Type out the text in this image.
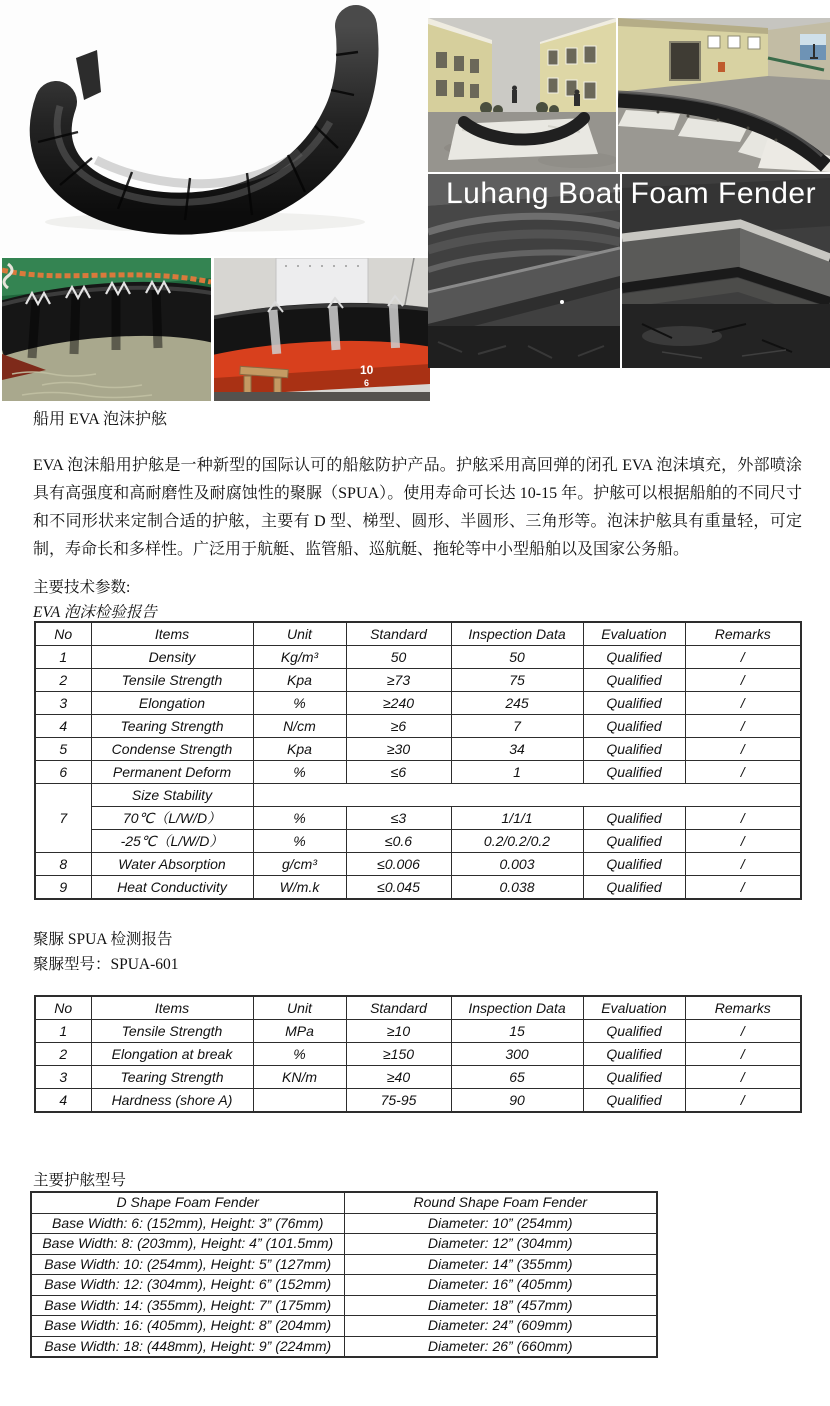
10
6
Luhang Boat Foam Fender
船用 EVA 泡沫护舷
EVA 泡沫船用护舷是一种新型的国际认可的船舷防护产品。护舷采用高回弹的闭孔 EVA 泡沫填充，外部喷涂具有高强度和高耐磨性及耐腐蚀性的聚脲（SPUA）。使用寿命可长达 10-15 年。护舷可以根据船舶的不同尺寸和不同形状来定制合适的护舷，主要有 D 型、梯型、圆形、半圆形、三角形等。泡沫护舷具有重量轻，可定制，寿命长和多样性。广泛用于航艇、监管船、巡航艇、拖轮等中小型船舶以及国家公务船。
主要技术参数:
EVA 泡沫检验报告
No	Items	Unit	Standard	Inspection Data	Evaluation	Remarks
1	Density	Kg/m³	50	50	Qualified	/
2	Tensile Strength	Kpa	≥73	75	Qualified	/
3	Elongation	%	≥240	245	Qualified	/
4	Tearing Strength	N/cm	≥6	7	Qualified	/
5	Condense Strength	Kpa	≥30	34	Qualified	/
6	Permanent Deform	%	≤6	1	Qualified	/
7	Size Stability					
	70℃（L/W/D）	%	≤3	1/1/1	Qualified	/
	-25℃（L/W/D）	%	≤0.6	0.2/0.2/0.2	Qualified	/
8	Water Absorption	g/cm³	≤0.006	0.003	Qualified	/
9	Heat Conductivity	W/m.k	≤0.045	0.038	Qualified	/
聚脲 SPUA 检测报告
聚脲型号：SPUA-601
No	Items	Unit	Standard	Inspection Data	Evaluation	Remarks
1	Tensile Strength	MPa	≥10	15	Qualified	/
2	Elongation at break	%	≥150	300	Qualified	/
3	Tearing Strength	KN/m	≥40	65	Qualified	/
4	Hardness (shore A)		75-95	90	Qualified	/
主要护舷型号
D Shape Foam Fender	Round Shape Foam Fender
Base Width: 6: (152mm), Height: 3” (76mm)	Diameter: 10” (254mm)
Base Width: 8: (203mm), Height: 4” (101.5mm)	Diameter: 12” (304mm)
Base Width: 10: (254mm), Height: 5” (127mm)	Diameter: 14” (355mm)
Base Width: 12: (304mm), Height: 6” (152mm)	Diameter: 16” (405mm)
Base Width: 14: (355mm), Height: 7” (175mm)	Diameter: 18” (457mm)
Base Width: 16: (405mm), Height: 8” (204mm)	Diameter: 24” (609mm)
Base Width: 18: (448mm), Height: 9” (224mm)	Diameter: 26” (660mm)
